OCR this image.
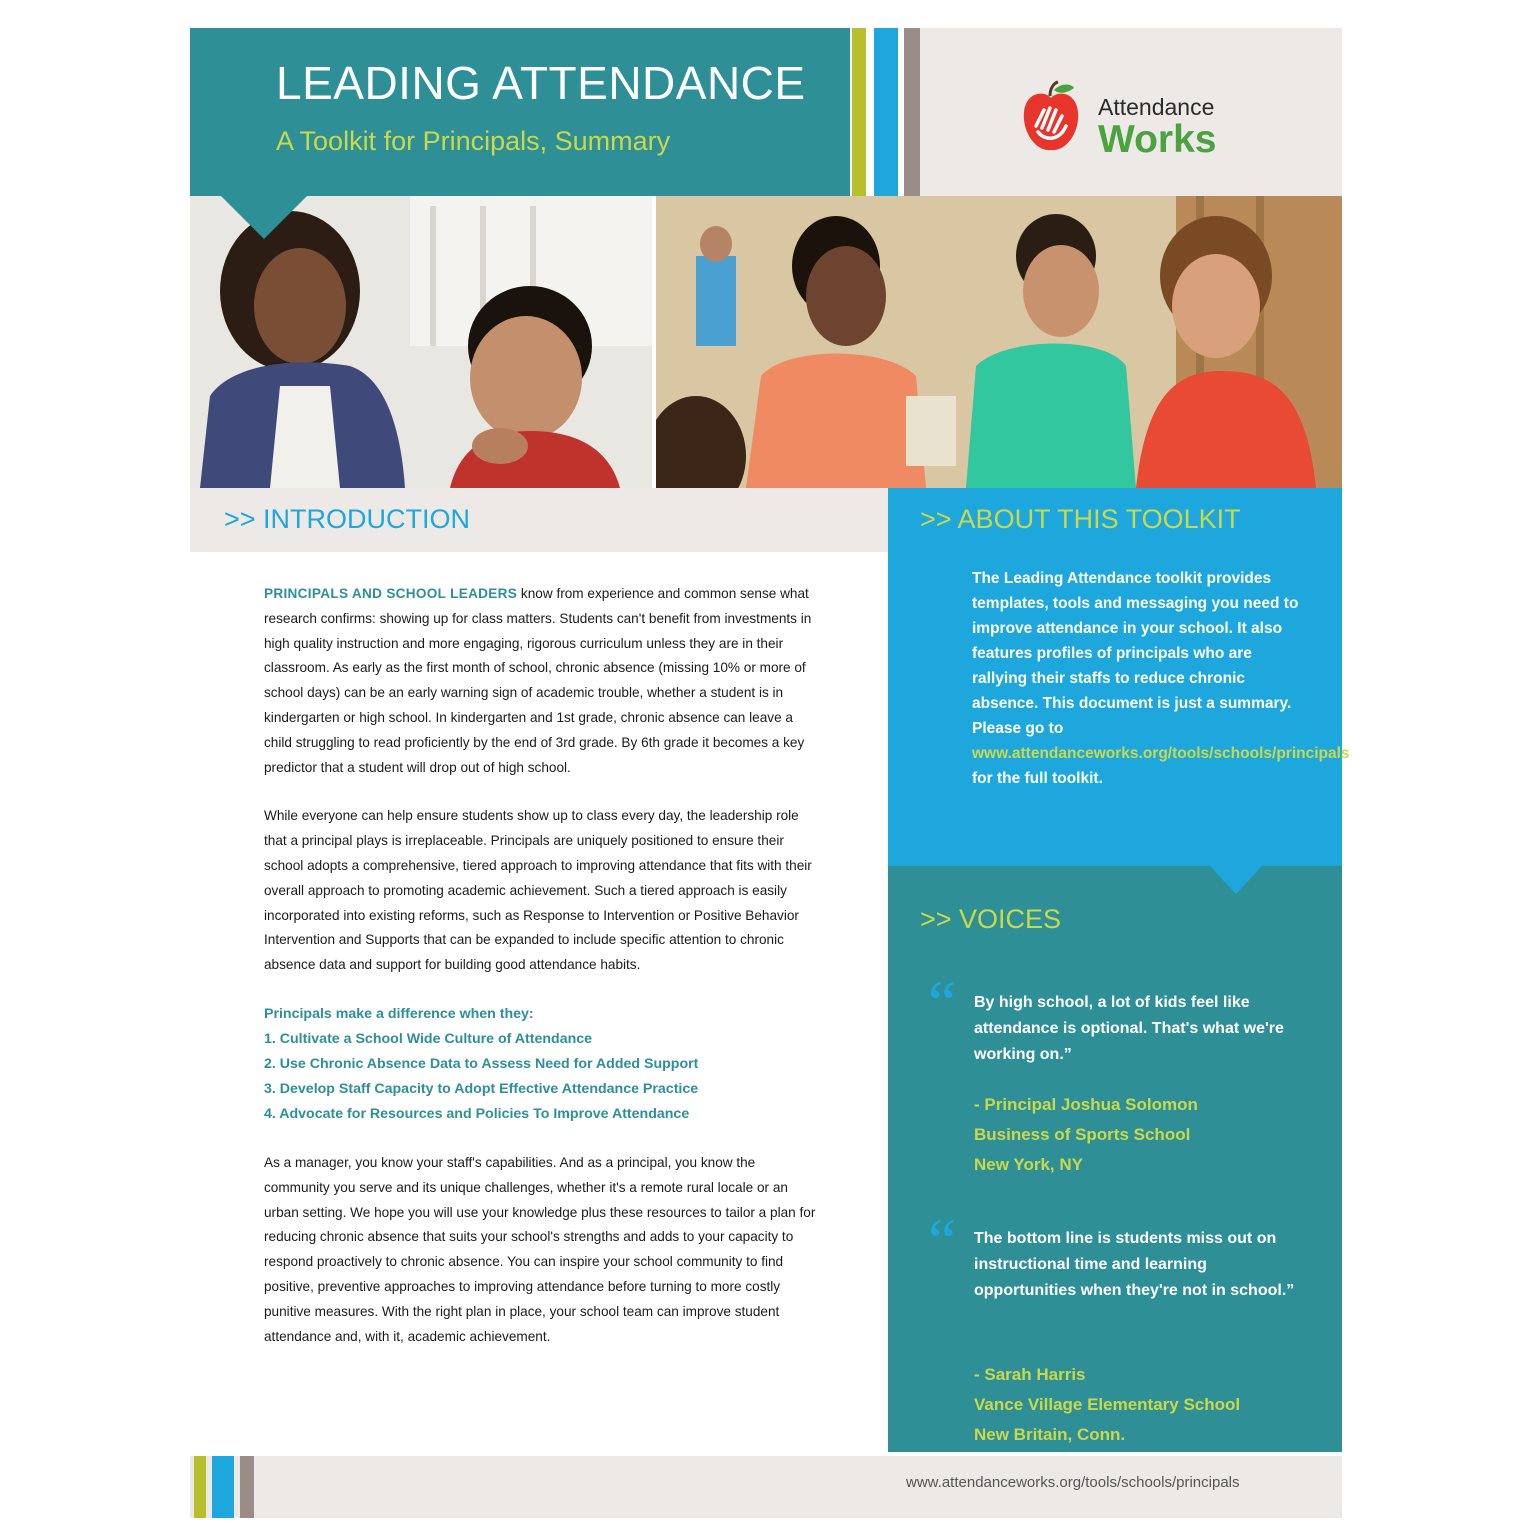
LEADING ATTENDANCE
A Toolkit for Principals, Summary
Attendance
Works
>> INTRODUCTION	>> ABOUT THIS TOOLKIT
The Leading Attendance toolkit provides templates, tools and messaging you need to improve attendance in your school. It also features profiles of principals who are rallying their staffs to reduce chronic absence. This document is just a summary. Please go to www.attendanceworks.org/tools/schools/principals for the full toolkit.
>> VOICES
“ By high school, a lot of kids feel like attendance is optional. That's what we're working on.”
- Principal Joshua Solomon
Business of Sports School
New York, NY
“ The bottom line is students miss out on instructional time and learning opportunities when they're not in school.”
- Sarah Harris
Vance Village Elementary School
New Britain, Conn.

PRINCIPALS AND SCHOOL LEADERS know from experience and common sense what research confirms: showing up for class matters. Students can't benefit from investments in high quality instruction and more engaging, rigorous curriculum unless they are in their classroom. As early as the first month of school, chronic absence (missing 10% or more of school days) can be an early warning sign of academic trouble, whether a student is in kindergarten or high school. In kindergarten and 1st grade, chronic absence can leave a child struggling to read proficiently by the end of 3rd grade. By 6th grade it becomes a key predictor that a student will drop out of high school.

While everyone can help ensure students show up to class every day, the leadership role that a principal plays is irreplaceable. Principals are uniquely positioned to ensure their school adopts a comprehensive, tiered approach to improving attendance that fits with their overall approach to promoting academic achievement. Such a tiered approach is easily incorporated into existing reforms, such as Response to Intervention or Positive Behavior Intervention and Supports that can be expanded to include specific attention to chronic absence data and support for building good attendance habits.

Principals make a difference when they:
1. Cultivate a School Wide Culture of Attendance
2. Use Chronic Absence Data to Assess Need for Added Support
3. Develop Staff Capacity to Adopt Effective Attendance Practice
4. Advocate for Resources and Policies To Improve Attendance

As a manager, you know your staff's capabilities. And as a principal, you know the community you serve and its unique challenges, whether it's a remote rural locale or an urban setting. We hope you will use your knowledge plus these resources to tailor a plan for reducing chronic absence that suits your school's strengths and adds to your capacity to respond proactively to chronic absence. You can inspire your school community to find positive, preventive approaches to improving attendance before turning to more costly punitive measures. With the right plan in place, your school team can improve student attendance and, with it, academic achievement.

www.attendanceworks.org/tools/schools/principals
